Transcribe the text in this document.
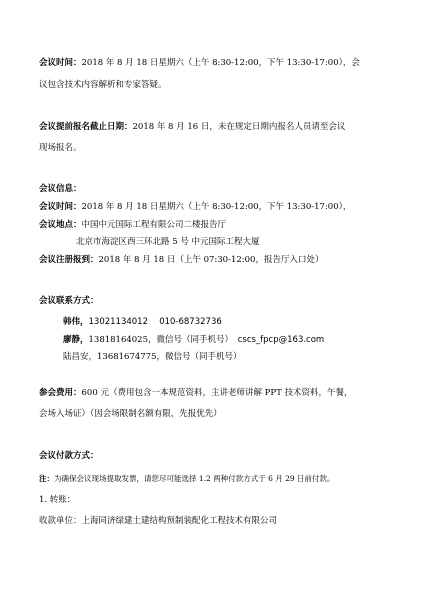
会议时间：2018 年 8 月 18 日星期六（上午 8:30-12:00，下午 13:30-17:00），会
议包含技术内容解析和专家答疑。
会议提前报名截止日期：2018 年 8 月 16 日，未在规定日期内报名人员请至会议
现场报名。
会议信息：
会议时间：2018 年 8 月 18 日星期六（上午 8:30-12:00，下午 13:30-17:00），
会议地点：中国中元国际工程有限公司二楼报告厅
北京市海淀区西三环北路 5 号 中元国际工程大厦
会议注册报到：2018 年 8 月 18 日（上午 07:30-12:00，报告厅入口处）
会议联系方式：
韩伟，13021134012　 010-68732736
廖静，13818164025，微信号（同手机号） cscs_fpcp@163.com
陆昌安，13681674775，微信号（同手机号）
参会费用：600 元（费用包含一本规范资料，主讲老师讲解 PPT 技术资料，午餐，
会场入场证）（因会场限制名额有限，先报优先）
会议付款方式：
注：为确保会议现场提取发票，请您尽可能选择 1.2 两种付款方式于 6 月 29 日前付款。
1. 转账：
收款单位：上海同济绿建土建结构预制装配化工程技术有限公司
